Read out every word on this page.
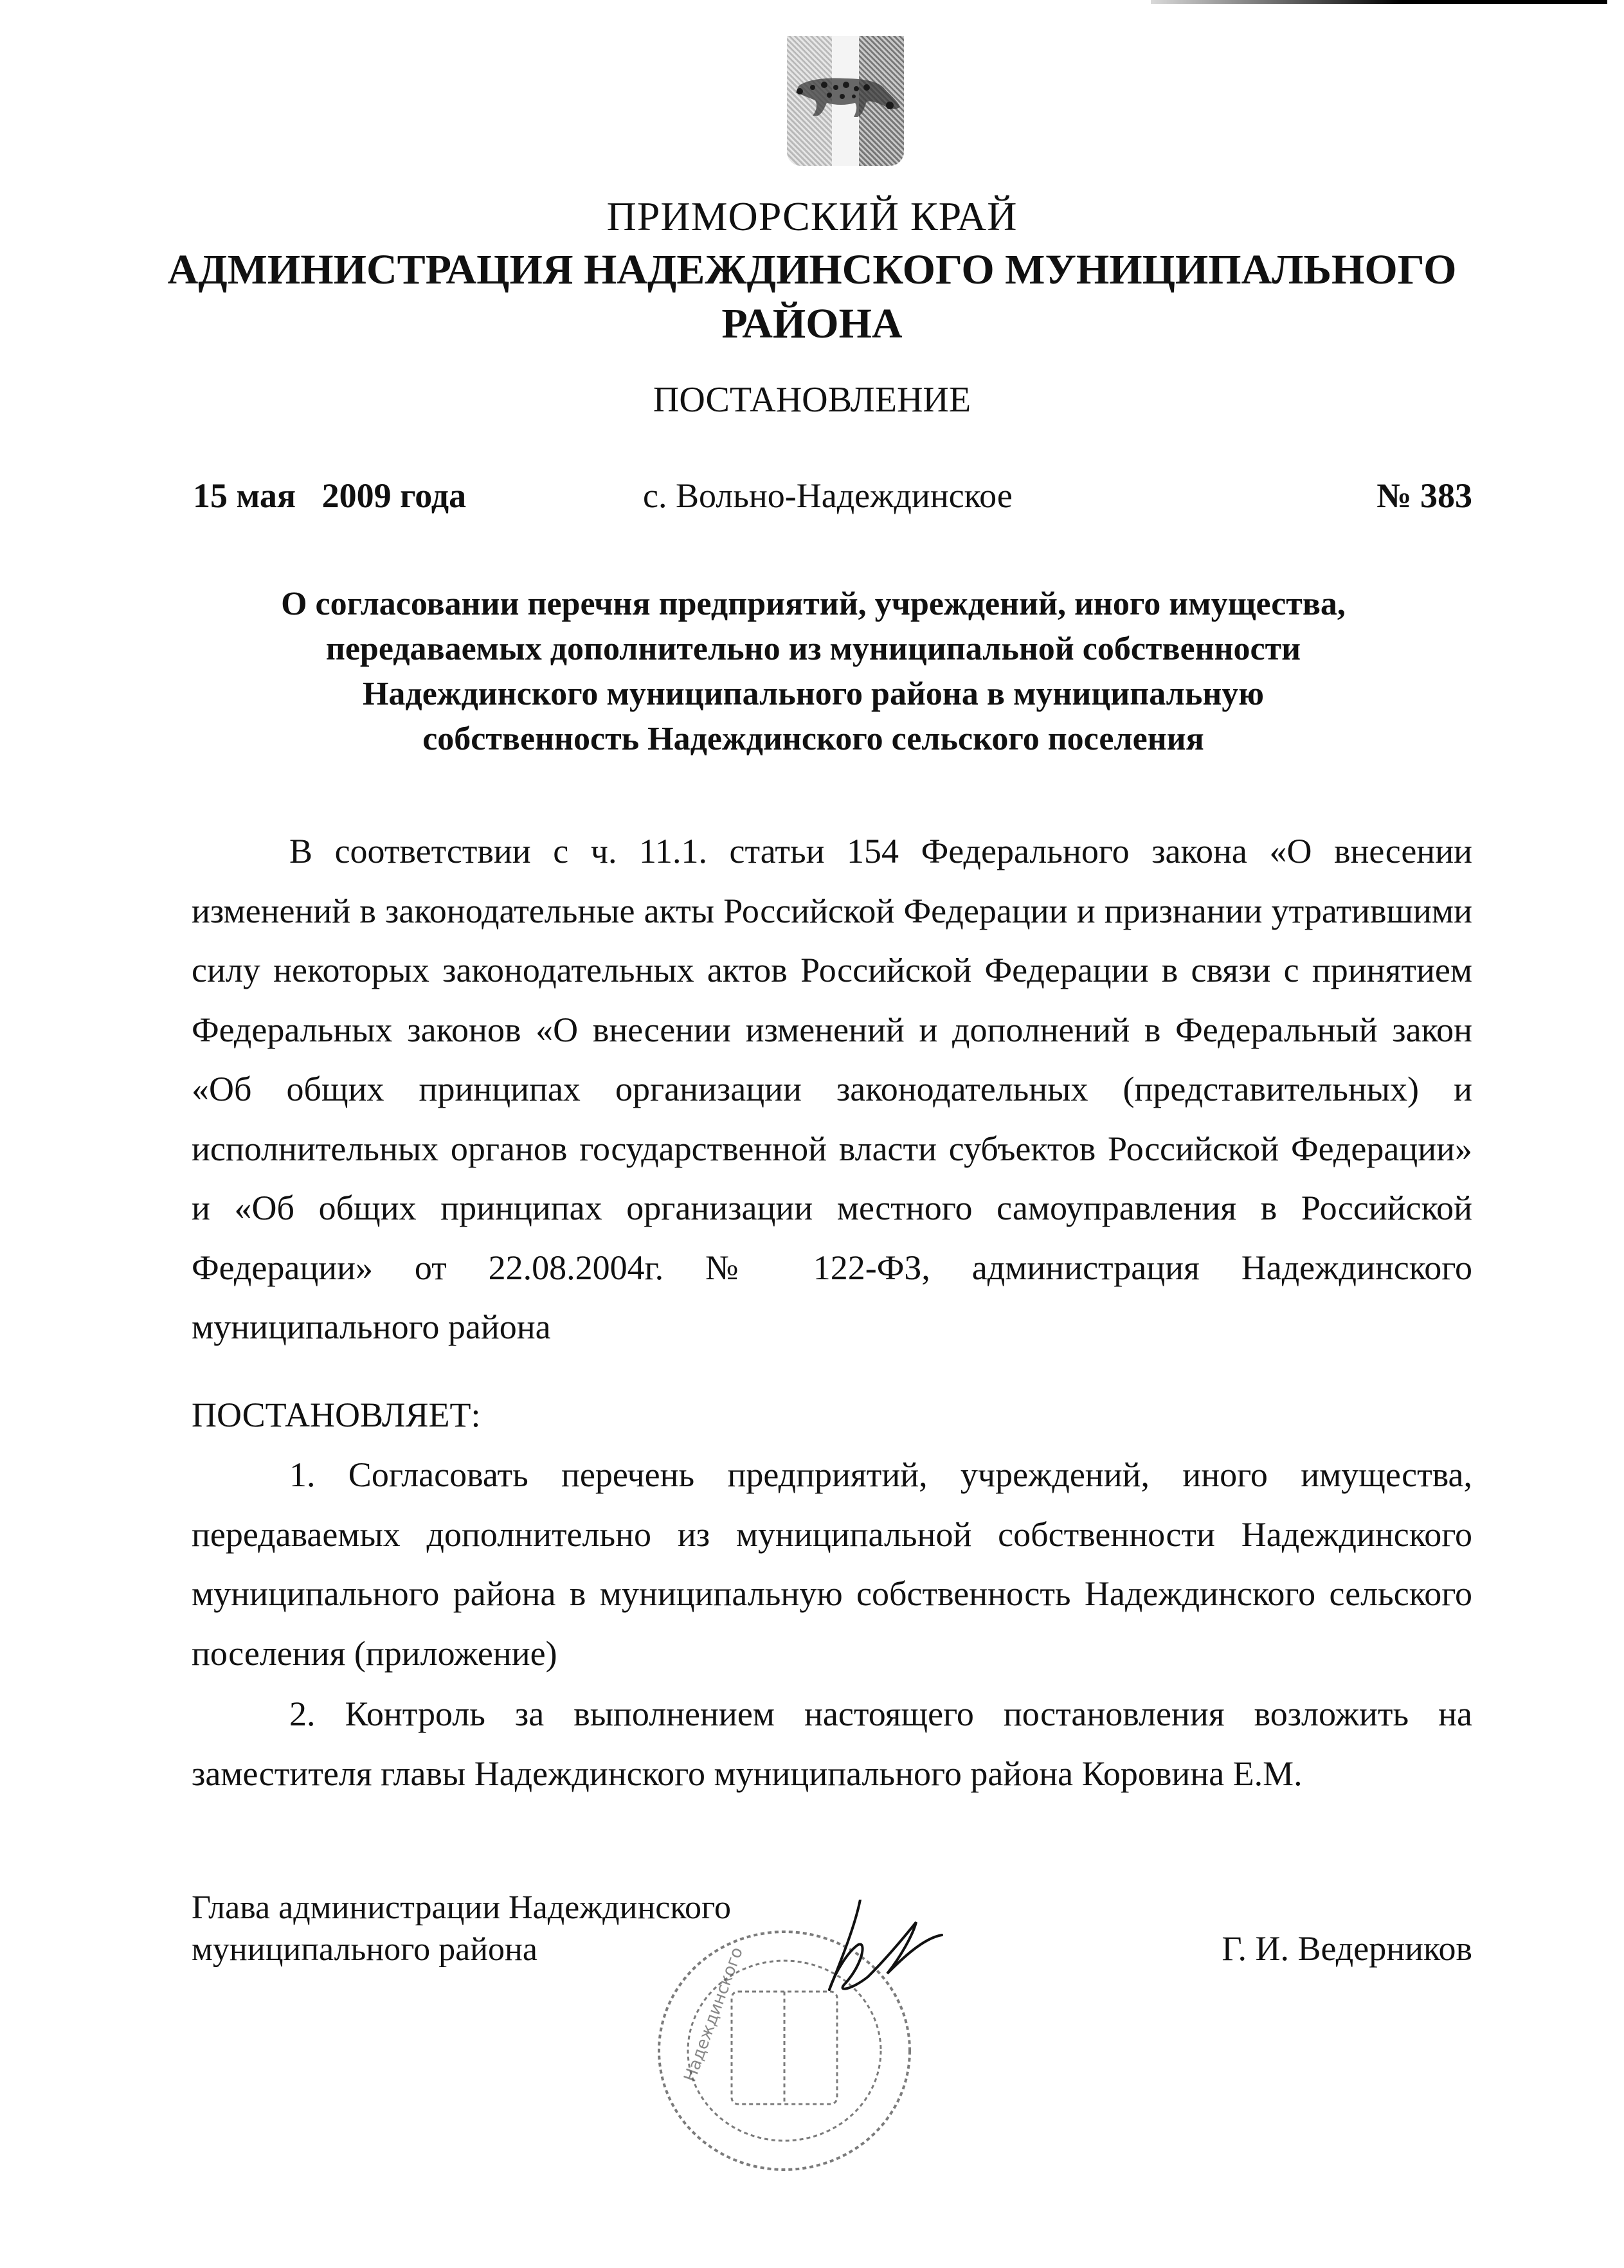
ПРИМОРСКИЙ КРАЙ
АДМИНИСТРАЦИЯ НАДЕЖДИНСКОГО МУНИЦИПАЛЬНОГО
РАЙОНА
ПОСТАНОВЛЕНИЕ
15 мая   2009 года	с. Вольно-Надеждинское	№ 383
О согласовании перечня предприятий, учреждений, иного имущества,
передаваемых дополнительно из муниципальной собственности
Надеждинского муниципального района в муниципальную
собственность Надеждинского сельского поселения

В соответствии с ч. 11.1. статьи 154 Федерального закона «О внесении изменений в законодательные акты Российской Федерации и признании утратившими силу некоторых законодательных актов Российской Федерации в связи с принятием Федеральных законов «О внесении изменений и дополнений в Федеральный закон «Об общих принципах организации законодательных (представительных) и исполнительных органов государственной власти субъектов Российской Федерации» и «Об общих принципах организации местного самоуправления в Российской Федерации» от 22.08.2004г. № 122-ФЗ, администрация Надеждинского муниципального района

ПОСТАНОВЛЯЕТ:

1. Согласовать перечень предприятий, учреждений, иного имущества, передаваемых дополнительно из муниципальной собственности Надеждинского муниципального района в муниципальную собственность Надеждинского сельского поселения (приложение)

2. Контроль за выполнением настоящего постановления возложить на заместителя главы Надеждинского муниципального района Коровина Е.М.

Надеждинского
Глава администрации Надеждинского
муниципального района	Г. И. Ведерников
